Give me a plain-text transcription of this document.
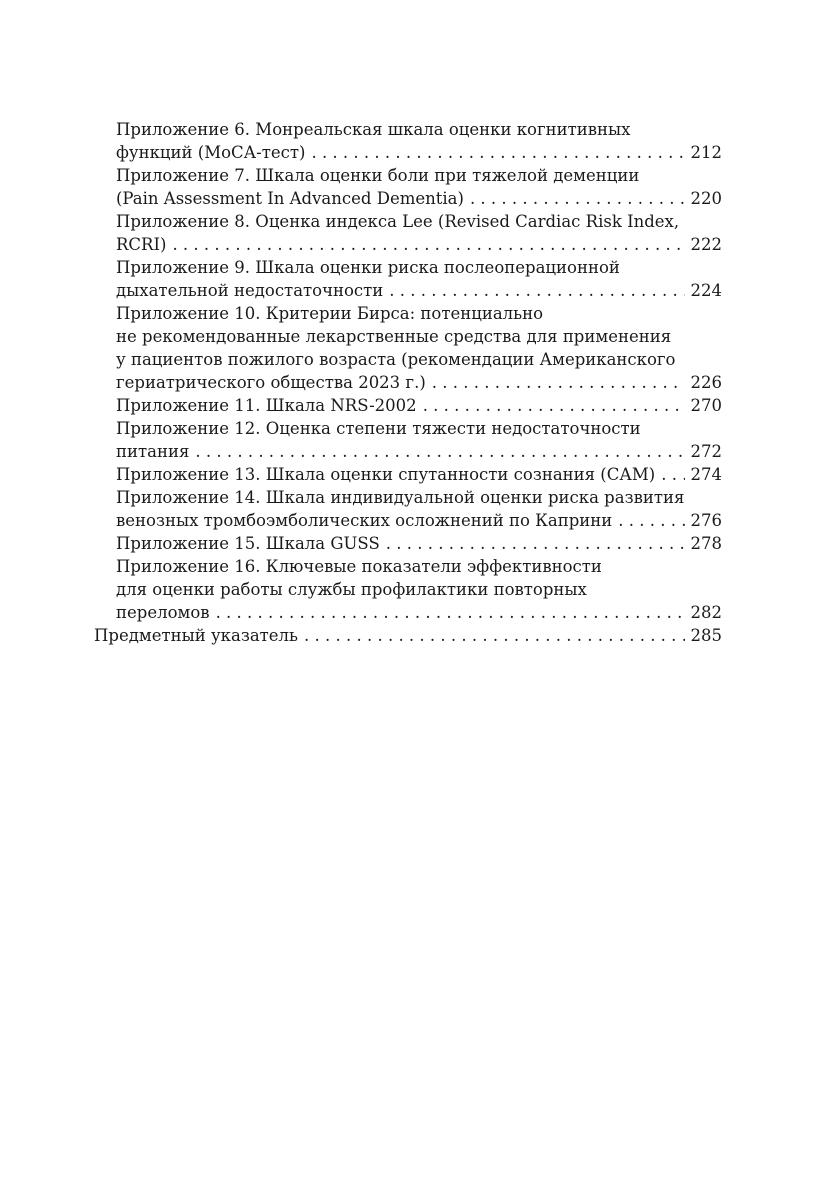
Приложение 6. Монреальская шкала оценки когнитивных
функций (МоСА-тест) . . .	212
Приложение 7. Шкала оценки боли при тяжелой деменции
(Pain Assessment In Advanced Dementia) . . .	220
Приложение 8. Оценка индекса Lee (Revised Cardiac Risk Index,
RCRI) . . .	222
Приложение 9. Шкала оценки риска послеоперационной
дыхательной недостаточности . . .	224
Приложение 10. Критерии Бирса: потенциально
не рекомендованные лекарственные средства для применения
у пациентов пожилого возраста (рекомендации Американского
гериатрического общества 2023 г.) . . .	226
Приложение 11. Шкала NRS-2002 . . .	270
Приложение 12. Оценка степени тяжести недостаточности
питания . . .	272
Приложение 13. Шкала оценки спутанности сознания (САМ) . . . 274
Приложение 14. Шкала индивидуальной оценки риска развития
венозных тромбоэмболических осложнений по Каприни . . .	276
Приложение 15. Шкала GUSS . . .	278
Приложение 16. Ключевые показатели эффективности
для оценки работы службы профилактики повторных
переломов . . .	282
Предметный указатель . . .	285
